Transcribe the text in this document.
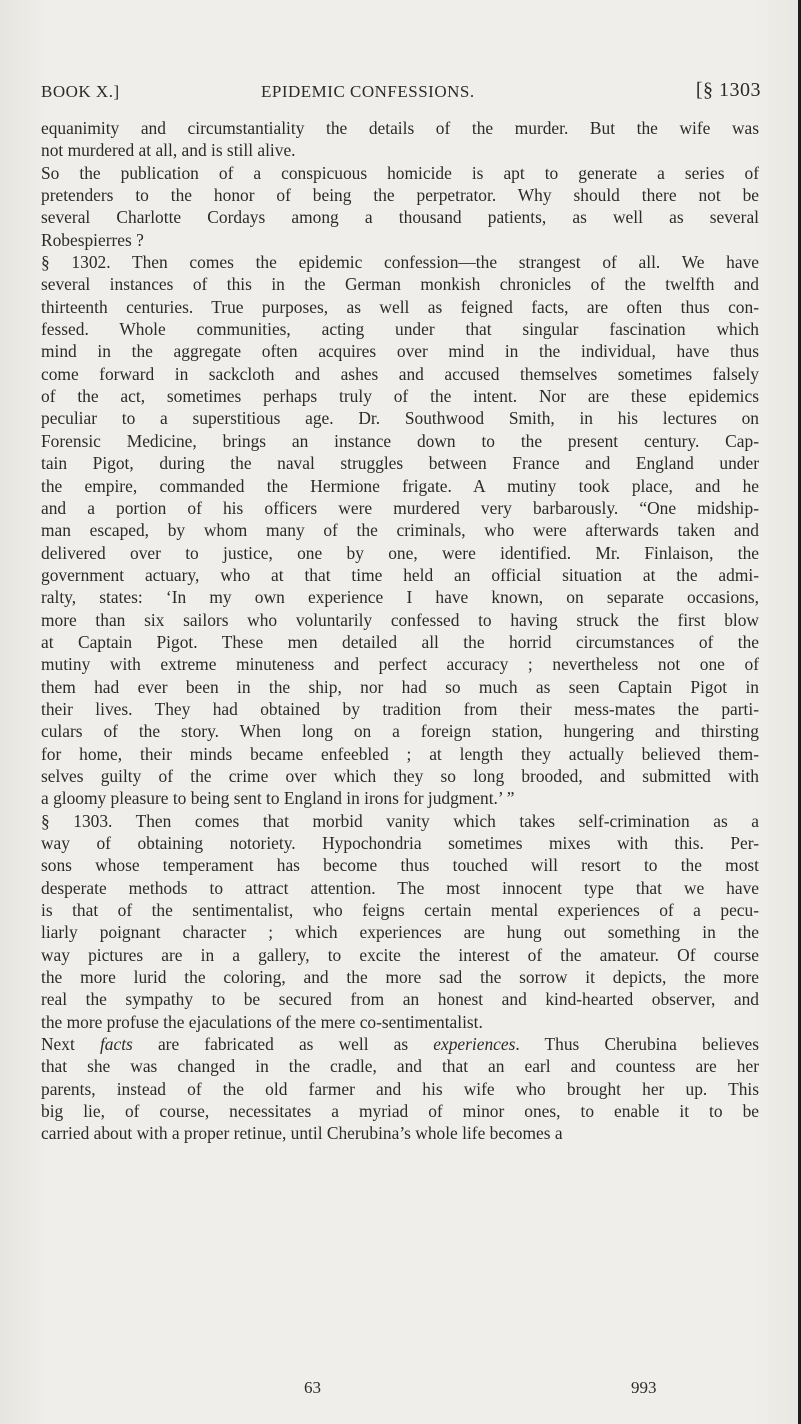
BOOK X.]	EPIDEMIC CONFESSIONS.	[§ 1303
equanimity and circumstantiality the details of the murder. But the wife was
not murdered at all, and is still alive.
So the publication of a conspicuous homicide is apt to generate a series of
pretenders to the honor of being the perpetrator. Why should there not be
several Charlotte Cordays among a thousand patients, as well as several
Robespierres ?
§ 1302. Then comes the epidemic confession—the strangest of all. We have
several instances of this in the German monkish chronicles of the twelfth and
thirteenth centuries. True purposes, as well as feigned facts, are often thus con-
fessed. Whole communities, acting under that singular fascination which
mind in the aggregate often acquires over mind in the individual, have thus
come forward in sackcloth and ashes and accused themselves sometimes falsely
of the act, sometimes perhaps truly of the intent. Nor are these epidemics
peculiar to a superstitious age. Dr. Southwood Smith, in his lectures on
Forensic Medicine, brings an instance down to the present century. Cap-
tain Pigot, during the naval struggles between France and England under
the empire, commanded the Hermione frigate. A mutiny took place, and he
and a portion of his officers were murdered very barbarously. “One midship-
man escaped, by whom many of the criminals, who were afterwards taken and
delivered over to justice, one by one, were identified. Mr. Finlaison, the
government actuary, who at that time held an official situation at the admi-
ralty, states: ‘In my own experience I have known, on separate occasions,
more than six sailors who voluntarily confessed to having struck the first blow
at Captain Pigot. These men detailed all the horrid circumstances of the
mutiny with extreme minuteness and perfect accuracy ; nevertheless not one of
them had ever been in the ship, nor had so much as seen Captain Pigot in
their lives. They had obtained by tradition from their mess-mates the parti-
culars of the story. When long on a foreign station, hungering and thirsting
for home, their minds became enfeebled ; at length they actually believed them-
selves guilty of the crime over which they so long brooded, and submitted with
a gloomy pleasure to being sent to England in irons for judgment.’ ”
§ 1303. Then comes that morbid vanity which takes self-crimination as a
way of obtaining notoriety. Hypochondria sometimes mixes with this. Per-
sons whose temperament has become thus touched will resort to the most
desperate methods to attract attention. The most innocent type that we have
is that of the sentimentalist, who feigns certain mental experiences of a pecu-
liarly poignant character ; which experiences are hung out something in the
way pictures are in a gallery, to excite the interest of the amateur. Of course
the more lurid the coloring, and the more sad the sorrow it depicts, the more
real the sympathy to be secured from an honest and kind-hearted observer, and
the more profuse the ejaculations of the mere co-sentimentalist.
Next facts are fabricated as well as experiences. Thus Cherubina believes
that she was changed in the cradle, and that an earl and countess are her
parents, instead of the old farmer and his wife who brought her up. This
big lie, of course, necessitates a myriad of minor ones, to enable it to be
carried about with a proper retinue, until Cherubina’s whole life becomes a
63	993
